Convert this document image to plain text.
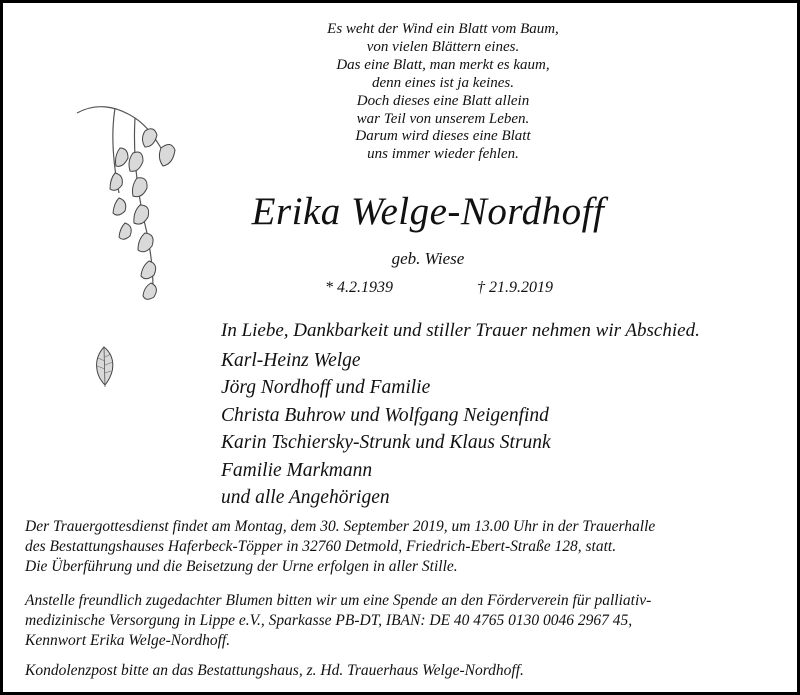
Es weht der Wind ein Blatt vom Baum,
von vielen Blättern eines.
Das eine Blatt, man merkt es kaum,
denn eines ist ja keines.
Doch dieses eine Blatt allein
war Teil von unserem Leben.
Darum wird dieses eine Blatt
uns immer wieder fehlen.
Erika Welge-Nordhoff
geb. Wiese
* 4.2.1939	† 21.9.2019
In Liebe, Dankbarkeit und stiller Trauer nehmen wir Abschied.
Karl-Heinz Welge
Jörg Nordhoff und Familie
Christa Buhrow und Wolfgang Neigenfind
Karin Tschiersky-Strunk und Klaus Strunk
Familie Markmann
und alle Angehörigen
Der Trauergottesdienst findet am Montag, dem 30. September 2019, um 13.00 Uhr in der Trauerhalle
des Bestattungshauses Haferbeck-Töpper in 32760 Detmold, Friedrich-Ebert-Straße 128, statt.
Die Überführung und die Beisetzung der Urne erfolgen in aller Stille.
Anstelle freundlich zugedachter Blumen bitten wir um eine Spende an den Förderverein für palliativ-
medizinische Versorgung in Lippe e.V., Sparkasse PB-DT, IBAN: DE 40 4765 0130 0046 2967 45,
Kennwort Erika Welge-Nordhoff.
Kondolenzpost bitte an das Bestattungshaus, z. Hd. Trauerhaus Welge-Nordhoff.
